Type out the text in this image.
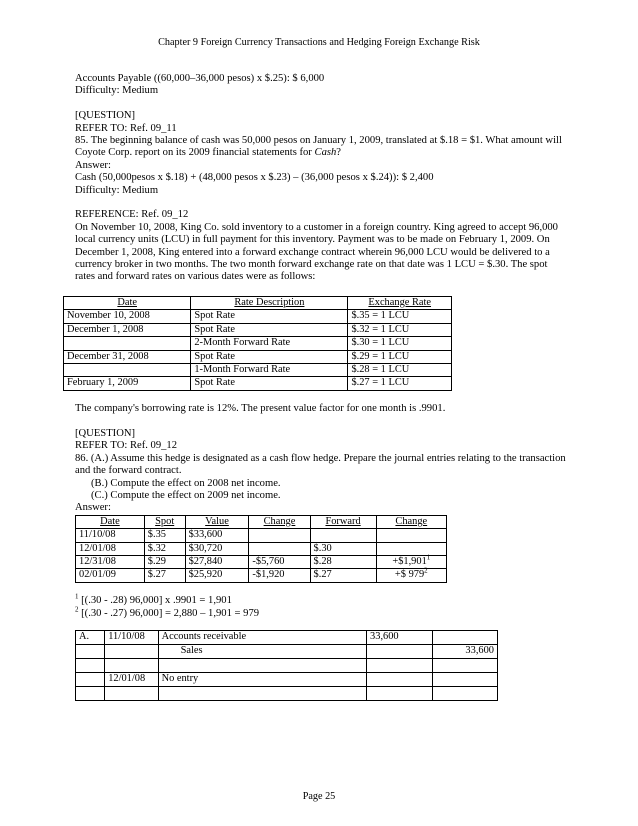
Chapter 9 Foreign Currency Transactions and Hedging Foreign Exchange Risk

Accounts Payable ((60,000–36,000 pesos) x $.25): $ 6,000

Difficulty: Medium

[QUESTION]

REFER TO: Ref. 09_11

85. The beginning balance of cash was 50,000 pesos on January 1, 2009, translated at $.18 = $1. What amount will Coyote Corp. report on its 2009 financial statements for Cash?

Answer:

Cash (50,000pesos x $.18) + (48,000 pesos x $.23) – (36,000 pesos x $.24)): $ 2,400

Difficulty: Medium

REFERENCE: Ref. 09_12

On November 10, 2008, King Co. sold inventory to a customer in a foreign country. King agreed to accept 96,000 local currency units (LCU) in full payment for this inventory. Payment was to be made on February 1, 2009. On December 1, 2008, King entered into a forward exchange contract wherein 96,000 LCU would be delivered to a currency broker in two months. The two month forward exchange rate on that date was 1 LCU = $.30. The spot rates and forward rates on various dates were as follows:

Date	Rate Description	Exchange Rate
November 10, 2008	Spot Rate	$.35 = 1 LCU
December 1, 2008	Spot Rate	$.32 = 1 LCU
	2-Month Forward Rate	$.30 = 1 LCU
December 31, 2008	Spot Rate	$.29 = 1 LCU
	1-Month Forward Rate	$.28 = 1 LCU
February 1, 2009	Spot Rate	$.27 = 1 LCU

The company's borrowing rate is 12%. The present value factor for one month is .9901.

[QUESTION]

REFER TO: Ref. 09_12

86. (A.) Assume this hedge is designated as a cash flow hedge. Prepare the journal entries relating to the transaction and the forward contract.

(B.) Compute the effect on 2008 net income.

(C.) Compute the effect on 2009 net income.

Answer:

Date	Spot	Value	Change	Forward	Change
11/10/08	$.35	$33,600			
12/01/08	$.32	$30,720		$.30	
12/31/08	$.29	$27,840	-$5,760	$.28	$+\$1,901^1$
02/01/09	$.27	$25,920	-$1,920	$.27	+$ $979^2$

$^1$ [(.30 - .28) 96,000] x .9901 = 1,901

$^2$ [(.30 - .27) 96,000] = 2,880 – 1,901 = 979

A.	11/10/08	Accounts receivable	33,600	
		Sales		33,600

	12/01/08	No entry		

Page 25
